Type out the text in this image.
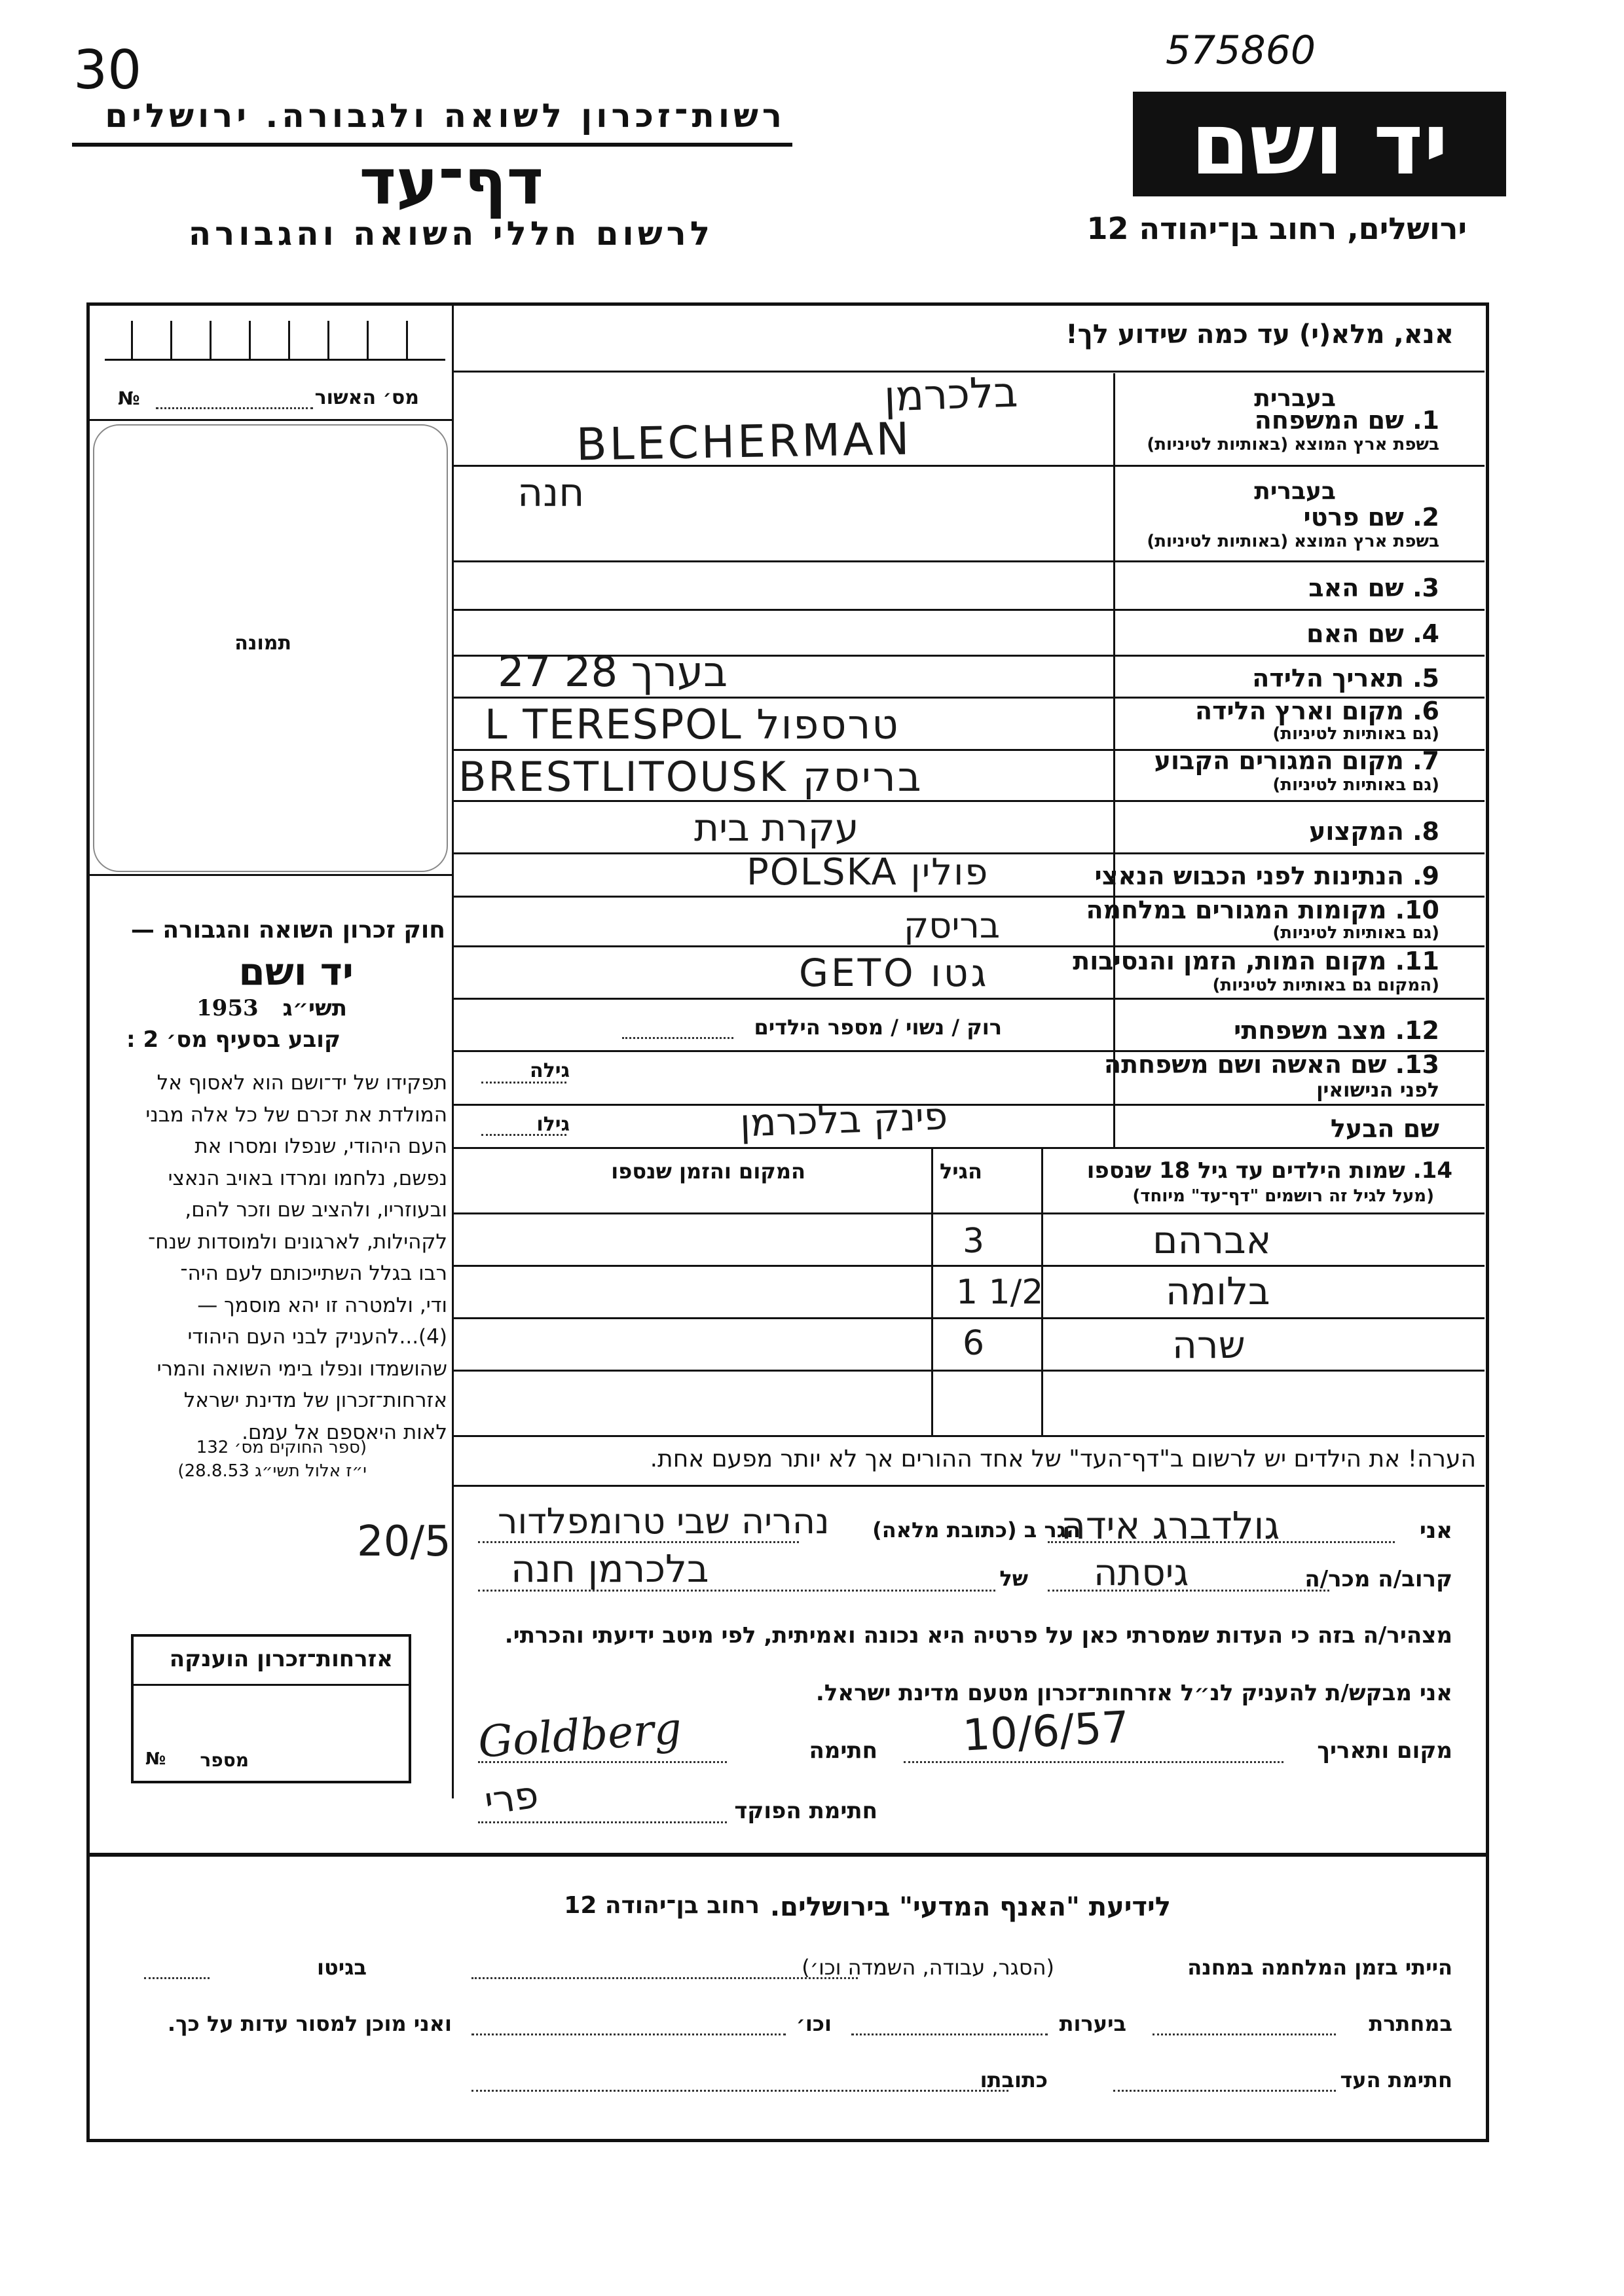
30
רשות־זכרון לשואה ולגבורה. ירושלים
דף־עד
לרשום חללי השואה והגבורה
575860
יד ושם
ירושלים, רחוב בן־יהודה 12
אנא, מלא(י) עד כמה שידוע לך!
מס׳ האשור
№
תמונה
חוק זכרון השואה והגבורה —
יד ושם
תשי״ג
1953
קובע בסעיף מס׳ 2 :
תפקידו של יד־ושם הוא לאסוף אל
המולדת את זכרם של כל אלה מבני
העם היהודי, שנפלו ומסרו את
נפשם, נלחמו ומרדו באויב הנאצי
ובעוזריו, ולהציב שם וזכר להם,
לקהילות, לארגונים ולמוסדות שנח־
רבו בגלל השתייכותם לעם היה־
ודי, ולמטרה זו יהא מוסמך —
(4)...להעניק לבני העם היהודי
שהושמדו ונפלו בימי השואה והמרי
אזרחות־זכרון של מדינת ישראל
לאות היאספם אל עמם.
(ספר החוקים מס׳ 132
י״ז אלול תשי״ג 28.8.53)
אזרחות־זכרון הוענקה
מספר
№
בעברית
1. שם המשפחה
בשפת ארץ המוצא (באותיות לטיניות)
בעברית
2. שם פרטי
בשפת ארץ המוצא (באותיות לטיניות)
3. שם האב
4. שם האם
5. תאריך הלידה
6. מקום וארץ הלידה
(גם באותיות לטיניות)
7. מקום המגורים הקבוע
(גם באותיות לטיניות)
8. המקצוע
9. הנתינות לפני הכבוש הנאצי
10. מקומות המגורים במלחמה
(גם באותיות לטיניות)
11. מקום המות, הזמן והנסיבות
(המקום גם באותיות לטיניות)
12. מצב משפחתי
רוק / נשוי / מספר הילדים
13. שם האשה ושם משפחתה
לפני הנישואין
גילה
שם הבעל
גילו
בלכרמן
BLECHERMAN
חנה
27 28 בערך
L TERESPOL טרספול
BRESTLITOUSK בריסק
עקרת בית
POLSKA פולין
בריסק
GETO גטו
פינק בלכרמן
14. שמות הילדים עד גיל 18 שנספו
(מעל לגיל זה רושמים "דף־עד" מיוחד)
הגיל
המקום והזמן שנספו
אברהם
3
בלומה
1 1/2
שרה
6
הערה! את הילדים יש לרשום ב"דף־העד" של אחד ההורים אך לא יותר מפעם אחת.
אני
הגר ב (כתובת מלאה)
גולדברג אידה
נהריה שבי טרומפלדור
20/5
קרוב/ה מכר/ה
של גיסתה
בלכרמן חנה
מצהיר/ה בזה כי העדות שמסרתי כאן על פרטיה היא נכונה ואמיתית, לפי מיטב ידיעתי והכרתי.
אני מבקש/ת להעניק לנ״ל אזרחות־זכרון מטעם מדינת ישראל.
מקום ותאריך
10/6/57
חתימה
Goldberg
חתימת הפוקד
פרי
לידיעת "האנף המדעי" בירושלים.
רחוב בן־יהודה 12
הייתי בזמן המלחמה במחנה
(הסגר, עבודה, השמדה וכו׳)
בגיטו
במחתרת
ביערות
וכו׳
ואני מוכן למסור עדות על כך.
חתימת העד
כתובתו
